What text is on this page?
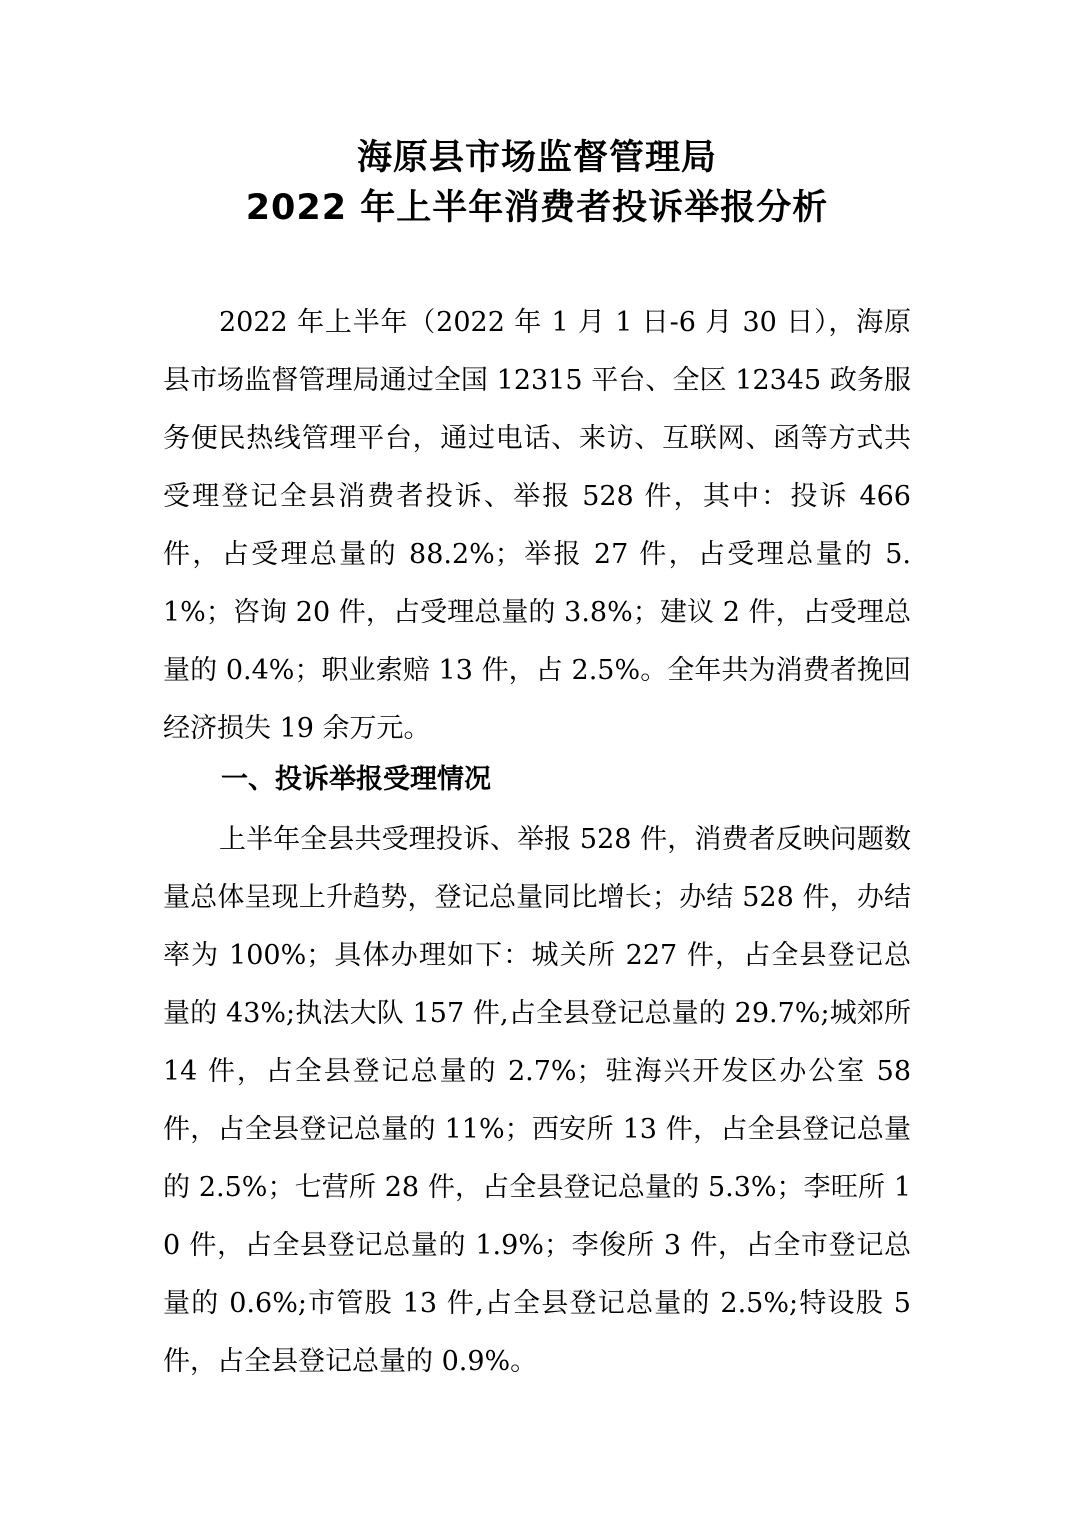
海原县市场监督管理局
2022 年上半年消费者投诉举报分析

2022 年上半年（2022 年 1 月 1 日-6 月 30 日），海原县市场监督管理局通过全国 12315 平台、全区 12345 政务服务便民热线管理平台，通过电话、来访、互联网、函等方式共受理登记全县消费者投诉、举报 528 件，其中：投诉 466 件，占受理总量的 88.2%；举报 27 件，占受理总量的 5.1%；咨询 20 件，占受理总量的 3.8%；建议 2 件，占受理总量的 0.4%；职业索赔 13 件，占 2.5%。全年共为消费者挽回经济损失 19 余万元。

一、投诉举报受理情况

上半年全县共受理投诉、举报 528 件，消费者反映问题数量总体呈现上升趋势，登记总量同比增长；办结 528 件，办结率为 100%；具体办理如下：城关所 227 件，占全县登记总量的 43%;执法大队 157 件,占全县登记总量的 29.7%;城郊所 14 件，占全县登记总量的 2.7%；驻海兴开发区办公室 58 件，占全县登记总量的 11%；西安所 13 件，占全县登记总量的 2.5%；七营所 28 件，占全县登记总量的 5.3%；李旺所 10 件，占全县登记总量的 1.9%；李俊所 3 件，占全市登记总量的 0.6%;市管股 13 件,占全县登记总量的 2.5%;特设股 5 件，占全县登记总量的 0.9%。
